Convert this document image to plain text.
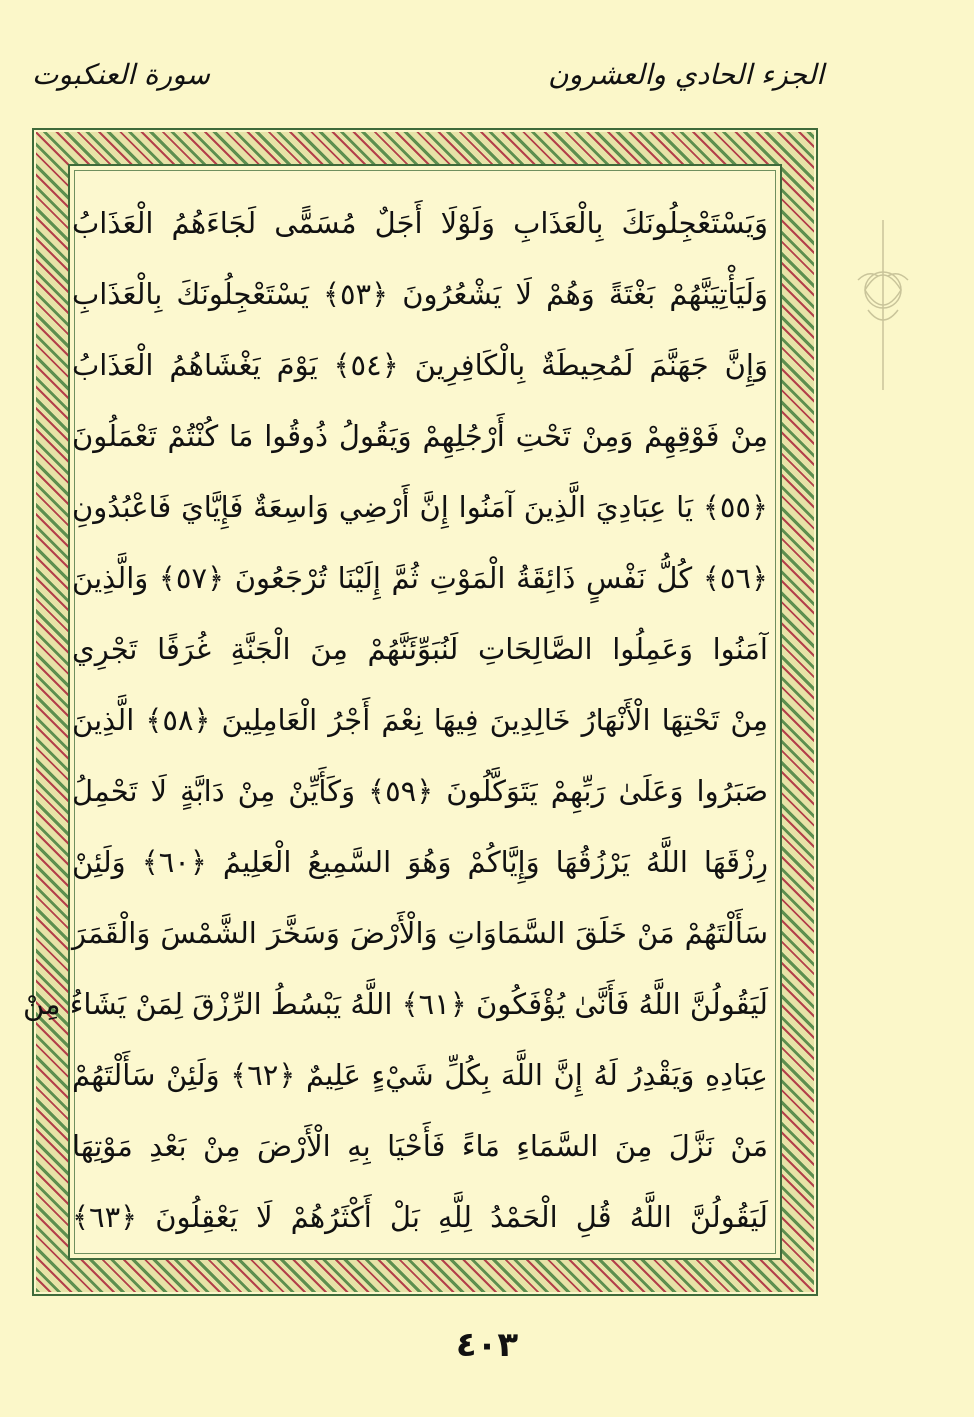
سورة العنكبوت	الجزء الحادي والعشرون
وَيَسْتَعْجِلُونَكَ بِالْعَذَابِ وَلَوْلَا أَجَلٌ مُسَمًّى لَجَاءَهُمُ الْعَذَابُ
وَلَيَأْتِيَنَّهُمْ بَغْتَةً وَهُمْ لَا يَشْعُرُونَ ﴿٥٣﴾ يَسْتَعْجِلُونَكَ بِالْعَذَابِ
وَإِنَّ جَهَنَّمَ لَمُحِيطَةٌ بِالْكَافِرِينَ ﴿٥٤﴾ يَوْمَ يَغْشَاهُمُ الْعَذَابُ
مِنْ فَوْقِهِمْ وَمِنْ تَحْتِ أَرْجُلِهِمْ وَيَقُولُ ذُوقُوا مَا كُنْتُمْ تَعْمَلُونَ
﴿٥٥﴾ يَا عِبَادِيَ الَّذِينَ آمَنُوا إِنَّ أَرْضِي وَاسِعَةٌ فَإِيَّايَ فَاعْبُدُونِ
﴿٥٦﴾ كُلُّ نَفْسٍ ذَائِقَةُ الْمَوْتِ ثُمَّ إِلَيْنَا تُرْجَعُونَ ﴿٥٧﴾ وَالَّذِينَ
آمَنُوا وَعَمِلُوا الصَّالِحَاتِ لَنُبَوِّئَنَّهُمْ مِنَ الْجَنَّةِ غُرَفًا تَجْرِي
مِنْ تَحْتِهَا الْأَنْهَارُ خَالِدِينَ فِيهَا نِعْمَ أَجْرُ الْعَامِلِينَ ﴿٥٨﴾ الَّذِينَ
صَبَرُوا وَعَلَىٰ رَبِّهِمْ يَتَوَكَّلُونَ ﴿٥٩﴾ وَكَأَيِّنْ مِنْ دَابَّةٍ لَا تَحْمِلُ
رِزْقَهَا اللَّهُ يَرْزُقُهَا وَإِيَّاكُمْ وَهُوَ السَّمِيعُ الْعَلِيمُ ﴿٦٠﴾ وَلَئِنْ
سَأَلْتَهُمْ مَنْ خَلَقَ السَّمَاوَاتِ وَالْأَرْضَ وَسَخَّرَ الشَّمْسَ وَالْقَمَرَ
لَيَقُولُنَّ اللَّهُ فَأَنَّىٰ يُؤْفَكُونَ ﴿٦١﴾ اللَّهُ يَبْسُطُ الرِّزْقَ لِمَنْ يَشَاءُ مِنْ
عِبَادِهِ وَيَقْدِرُ لَهُ إِنَّ اللَّهَ بِكُلِّ شَيْءٍ عَلِيمٌ ﴿٦٢﴾ وَلَئِنْ سَأَلْتَهُمْ
مَنْ نَزَّلَ مِنَ السَّمَاءِ مَاءً فَأَحْيَا بِهِ الْأَرْضَ مِنْ بَعْدِ مَوْتِهَا
لَيَقُولُنَّ اللَّهُ قُلِ الْحَمْدُ لِلَّهِ بَلْ أَكْثَرُهُمْ لَا يَعْقِلُونَ ﴿٦٣﴾
٤٠٣
